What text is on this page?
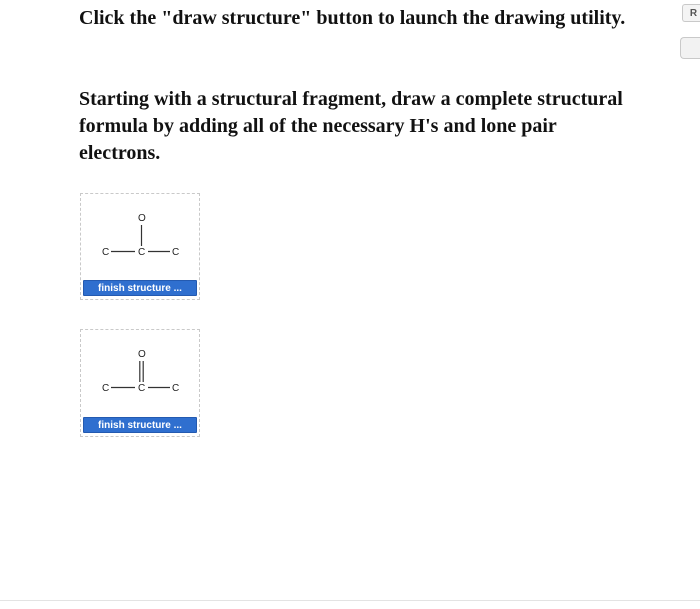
Click the "draw structure" button to launch the drawing utility.

Starting with a structural fragment, draw a complete structural formula by adding all of the necessary H's and lone pair electrons.

R
O
C	C	C
finish structure ...
O
C	C	C
finish structure ...
